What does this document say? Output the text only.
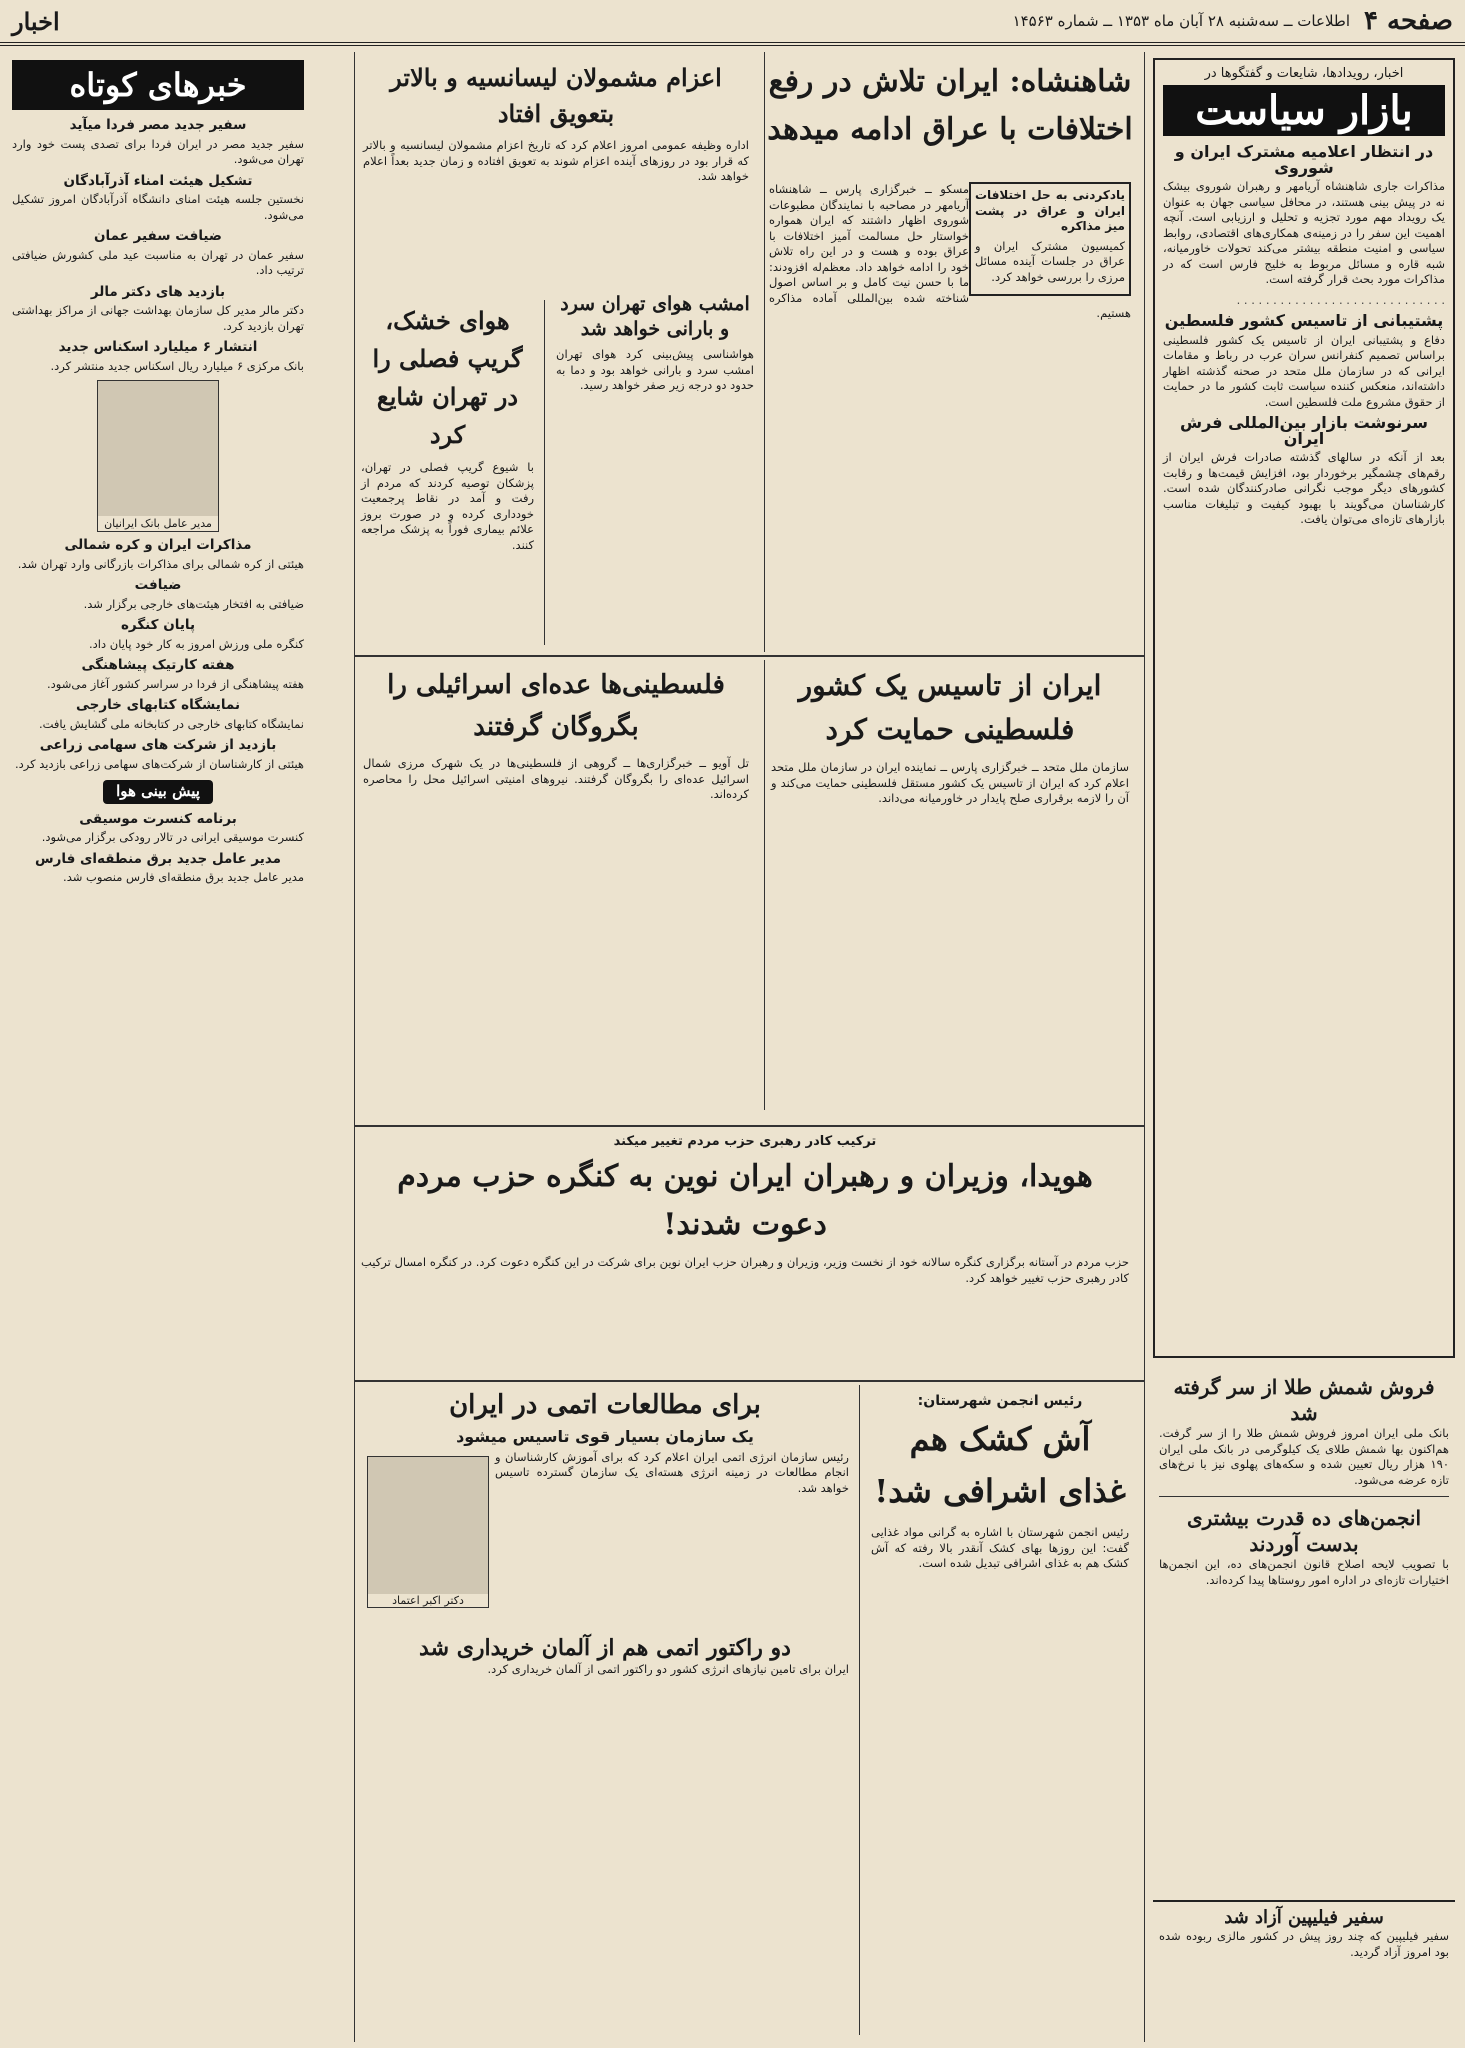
صفحه ۴
اطلاعات ــ سه‌شنبه ۲۸ آبان ماه ۱۳۵۳ ــ شماره ۱۴۵۶۳
اخبار
اخبار، رویدادها، شایعات و گفتگوها در
بازار سیاست
در انتظار اعلامیه مشترک ایران و شوروی

مذاکرات جاری شاهنشاه آریامهر و رهبران شوروی بیشک نه در پیش بینی هستند، در محافل سیاسی جهان به عنوان یک رویداد مهم مورد تجزیه و تحلیل و ارزیابی است. آنچه اهمیت این سفر را در زمینه‌ی همکاری‌های اقتصادی، روابط سیاسی و امنیت منطقه بیشتر می‌کند تحولات خاورمیانه، شبه قاره و مسائل مربوط به خلیج فارس است که در مذاکرات مورد بحث قرار گرفته است.

. . . . . . . . . . . . . . . . . . . . . . . . . . . . .

پشتیبانی از تاسیس کشور فلسطین

دفاع و پشتیبانی ایران از تاسیس یک کشور فلسطینی براساس تصمیم کنفرانس سران عرب در رباط و مقامات ایرانی که در سازمان ملل متحد در صحنه گذشته اظهار داشته‌اند، منعکس کننده سیاست ثابت کشور ما در حمایت از حقوق مشروع ملت فلسطین است.

سرنوشت بازار بین‌المللی فرش ایران

بعد از آنکه در سالهای گذشته صادرات فرش ایران از رقم‌های چشمگیر برخوردار بود، افزایش قیمت‌ها و رقابت کشورهای دیگر موجب نگرانی صادرکنندگان شده است. کارشناسان می‌گویند با بهبود کیفیت و تبلیغات مناسب بازارهای تازه‌ای می‌توان یافت.

فروش شمش طلا از سر گرفته شد

بانک ملی ایران امروز فروش شمش طلا را از سر گرفت. هم‌اکنون بها شمش طلای یک کیلوگرمی در بانک ملی ایران ۱۹۰ هزار ریال تعیین شده و سکه‌های پهلوی نیز با نرخ‌های تازه عرضه می‌شود.

انجمن‌های ده قدرت بیشتری بدست آوردند

با تصویب لایحه اصلاح قانون انجمن‌های ده، این انجمن‌ها اختیارات تازه‌ای در اداره امور روستاها پیدا کرده‌اند.

سفیر فیلیپین آزاد شد

سفیر فیلیپین که چند روز پیش در کشور مالزی ربوده شده بود امروز آزاد گردید.

شاهنشاه: ایران تلاش در رفع اختلافات با عراق ادامه میدهد
یادکردنی به حل اختلافات ایران و عراق در پشت میز مذاکره

کمیسیون مشترک ایران و عراق در جلسات آینده مسائل مرزی را بررسی خواهد کرد.

مسکو ــ خبرگزاری پارس ــ شاهنشاه آریامهر در مصاحبه با نمایندگان مطبوعات شوروی اظهار داشتند که ایران همواره خواستار حل مسالمت آمیز اختلافات با عراق بوده و هست و در این راه تلاش خود را ادامه خواهد داد. معظم‌له افزودند: ما با حسن نیت کامل و بر اساس اصول شناخته شده بین‌المللی آماده مذاکره هستیم.

امشب هوای تهران سرد و بارانی خواهد شد

هواشناسی پیش‌بینی کرد هوای تهران امشب سرد و بارانی خواهد بود و دما به حدود دو درجه زیر صفر خواهد رسید.

هوای خشک، گریپ فصلی را در تهران شایع کرد

با شیوع گریپ فصلی در تهران، پزشکان توصیه کردند که مردم از رفت و آمد در نقاط پرجمعیت خودداری کرده و در صورت بروز علائم بیماری فوراً به پزشک مراجعه کنند.

اعزام مشمولان لیسانسیه و بالاتر بتعویق افتاد

اداره وظیفه عمومی امروز اعلام کرد که تاریخ اعزام مشمولان لیسانسیه و بالاتر که قرار بود در روزهای آینده اعزام شوند به تعویق افتاده و زمان جدید بعداً اعلام خواهد شد.

ایران از تاسیس یک کشور فلسطینی حمایت کرد

سازمان ملل متحد ــ خبرگزاری پارس ــ نماینده ایران در سازمان ملل متحد اعلام کرد که ایران از تاسیس یک کشور مستقل فلسطینی حمایت می‌کند و آن را لازمه برقراری صلح پایدار در خاورمیانه می‌داند.

فلسطینی‌ها عده‌ای اسرائیلی را بگروگان گرفتند

تل آویو ــ خبرگزاری‌ها ــ گروهی از فلسطینی‌ها در یک شهرک مرزی شمال اسرائیل عده‌ای را بگروگان گرفتند. نیروهای امنیتی اسرائیل محل را محاصره کرده‌اند.

ترکیب کادر رهبری حزب مردم تغییر میکند
هویدا، وزیران و رهبران ایران نوین به کنگره حزب مردم دعوت شدند!

حزب مردم در آستانه برگزاری کنگره سالانه خود از نخست وزیر، وزیران و رهبران حزب ایران نوین برای شرکت در این کنگره دعوت کرد. در کنگره امسال ترکیب کادر رهبری حزب تغییر خواهد کرد.

برای مطالعات اتمی در ایران
یک سازمان بسیار قوی تاسیس میشود
دکتر اکبر اعتماد

رئیس سازمان انرژی اتمی ایران اعلام کرد که برای آموزش کارشناسان و انجام مطالعات در زمینه انرژی هسته‌ای یک سازمان گسترده تاسیس خواهد شد.

دو راکتور اتمی هم از آلمان خریداری شد

ایران برای تامین نیازهای انرژی کشور دو راکتور اتمی از آلمان خریداری کرد.

رئیس انجمن شهرستان:
آش کشک هم غذای اشرافی شد!

رئیس انجمن شهرستان با اشاره به گرانی مواد غذایی گفت: این روزها بهای کشک آنقدر بالا رفته که آش کشک هم به غذای اشرافی تبدیل شده است.

خبرهای کوتاه
سفیر جدید مصر فردا میآید

سفیر جدید مصر در ایران فردا برای تصدی پست خود وارد تهران می‌شود.

تشکیل هیئت امناء آذرآبادگان

نخستین جلسه هیئت امنای دانشگاه آذرآبادگان امروز تشکیل می‌شود.

ضیافت سفیر عمان

سفیر عمان در تهران به مناسبت عید ملی کشورش ضیافتی ترتیب داد.

بازدید های دکتر مالر

دکتر مالر مدیر کل سازمان بهداشت جهانی از مراکز بهداشتی تهران بازدید کرد.

انتشار ۶ میلیارد اسکناس جدید

بانک مرکزی ۶ میلیارد ریال اسکناس جدید منتشر کرد.

مدیر عامل بانک ایرانیان
مذاکرات ایران و کره شمالی

هیئتی از کره شمالی برای مذاکرات بازرگانی وارد تهران شد.

ضیافت

ضیافتی به افتخار هیئت‌های خارجی برگزار شد.

پایان کنگره

کنگره ملی ورزش امروز به کار خود پایان داد.

هفته کارتیک پیشاهنگی

هفته پیشاهنگی از فردا در سراسر کشور آغاز می‌شود.

نمایشگاه کتابهای خارجی

نمایشگاه کتابهای خارجی در کتابخانه ملی گشایش یافت.

بازدید از شرکت های سهامی زراعی

هیئتی از کارشناسان از شرکت‌های سهامی زراعی بازدید کرد.

پیش بینی هوا
برنامه کنسرت موسیقی

کنسرت موسیقی ایرانی در تالار رودکی برگزار می‌شود.

مدیر عامل جدید برق منطقه‌ای فارس

مدیر عامل جدید برق منطقه‌ای فارس منصوب شد.
